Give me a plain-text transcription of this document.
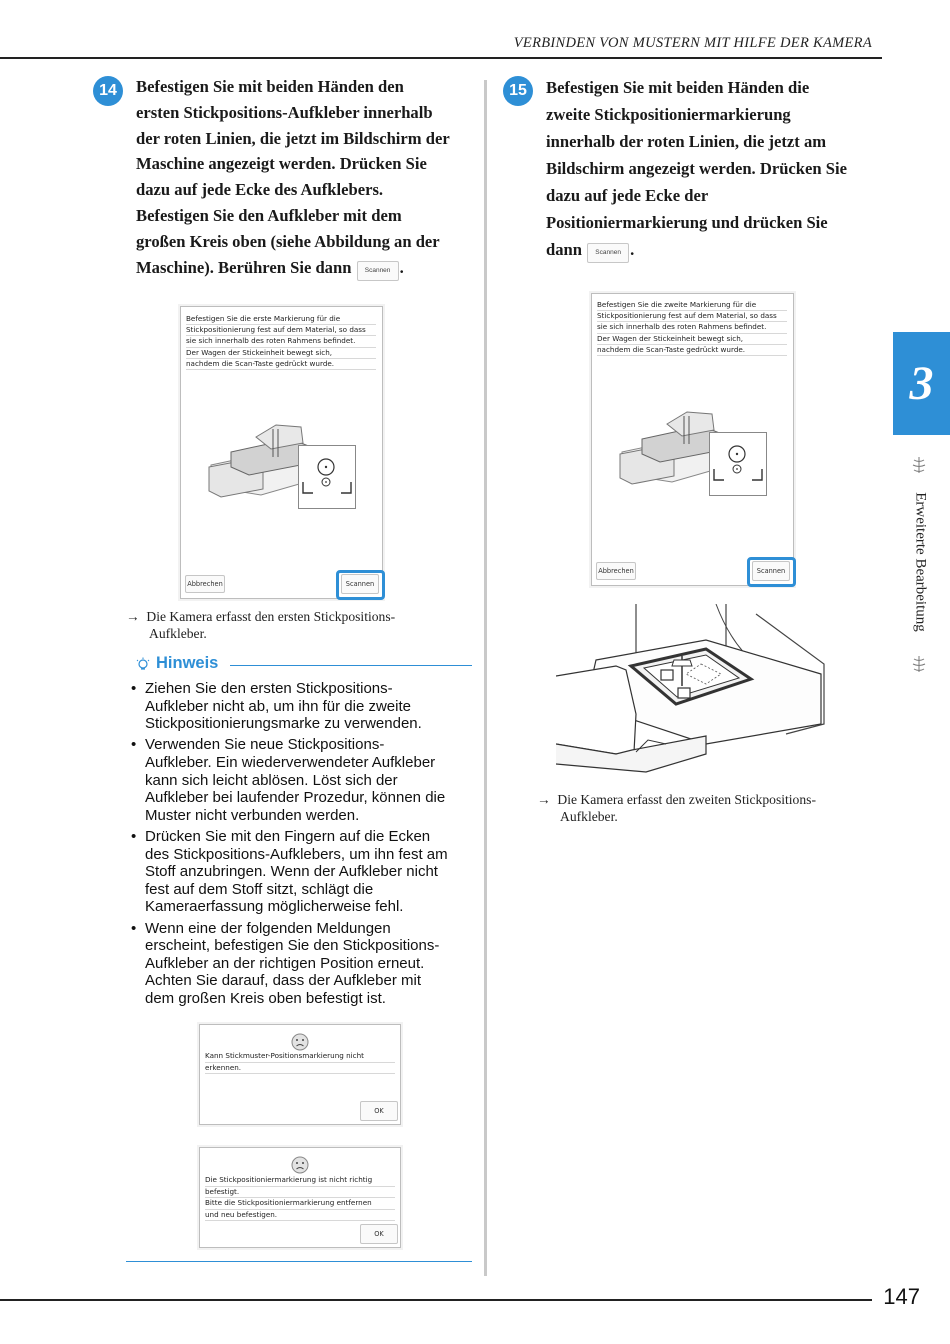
VERBINDEN VON MUSTERN MIT HILFE DER KAMERA
14	Befestigen Sie mit beiden Händen den
ersten Stickpositions-Aufkleber innerhalb
der roten Linien, die jetzt im Bildschirm der
Maschine angezeigt werden. Drücken Sie
dazu auf jede Ecke des Aufklebers.
Befestigen Sie den Aufkleber mit dem
großen Kreis oben (siehe Abbildung an der
Maschine). Berühren Sie dann Scannen .
Befestigen Sie die erste Markierung für die
Stickpositionierung fest auf dem Material, so dass
sie sich innerhalb des roten Rahmens befindet.
Der Wagen der Stickeinheit bewegt sich,
nachdem die Scan-Taste gedrückt wurde.
Abbrechen	Scannen
→ Die Kamera erfasst den ersten Stickpositions-
Aufkleber.
Hinweis
• Ziehen Sie den ersten Stickpositions-
Aufkleber nicht ab, um ihn für die zweite
Stickpositionierungsmarke zu verwenden.
• Verwenden Sie neue Stickpositions-
Aufkleber. Ein wiederverwendeter Aufkleber
kann sich leicht ablösen. Löst sich der
Aufkleber bei laufender Prozedur, können die
Muster nicht verbunden werden.
• Drücken Sie mit den Fingern auf die Ecken
des Stickpositions-Aufklebers, um ihn fest am
Stoff anzubringen. Wenn der Aufkleber nicht
fest auf dem Stoff sitzt, schlägt die
Kameraerfassung möglicherweise fehl.
• Wenn eine der folgenden Meldungen
erscheint, befestigen Sie den Stickpositions-
Aufkleber an der richtigen Position erneut.
Achten Sie darauf, dass der Aufkleber mit
dem großen Kreis oben befestigt ist.
Kann Stickmuster-Positionsmarkierung nicht
erkennen.
OK
Die Stickpositioniermarkierung ist nicht richtig
befestigt.
Bitte die Stickpositioniermarkierung entfernen
und neu befestigen.
OK
15	Befestigen Sie mit beiden Händen die
zweite Stickpositioniermarkierung
innerhalb der roten Linien, die jetzt am
Bildschirm angezeigt werden. Drücken Sie
dazu auf jede Ecke der
Positioniermarkierung und drücken Sie
dann Scannen .
Befestigen Sie die zweite Markierung für die
Stickpositionierung fest auf dem Material, so dass
sie sich innerhalb des roten Rahmens befindet.
Der Wagen der Stickeinheit bewegt sich,
nachdem die Scan-Taste gedrückt wurde.
Abbrechen	Scannen
→ Die Kamera erfasst den zweiten Stickpositions-
Aufkleber.
3
Erweiterte Bearbeitung
147
